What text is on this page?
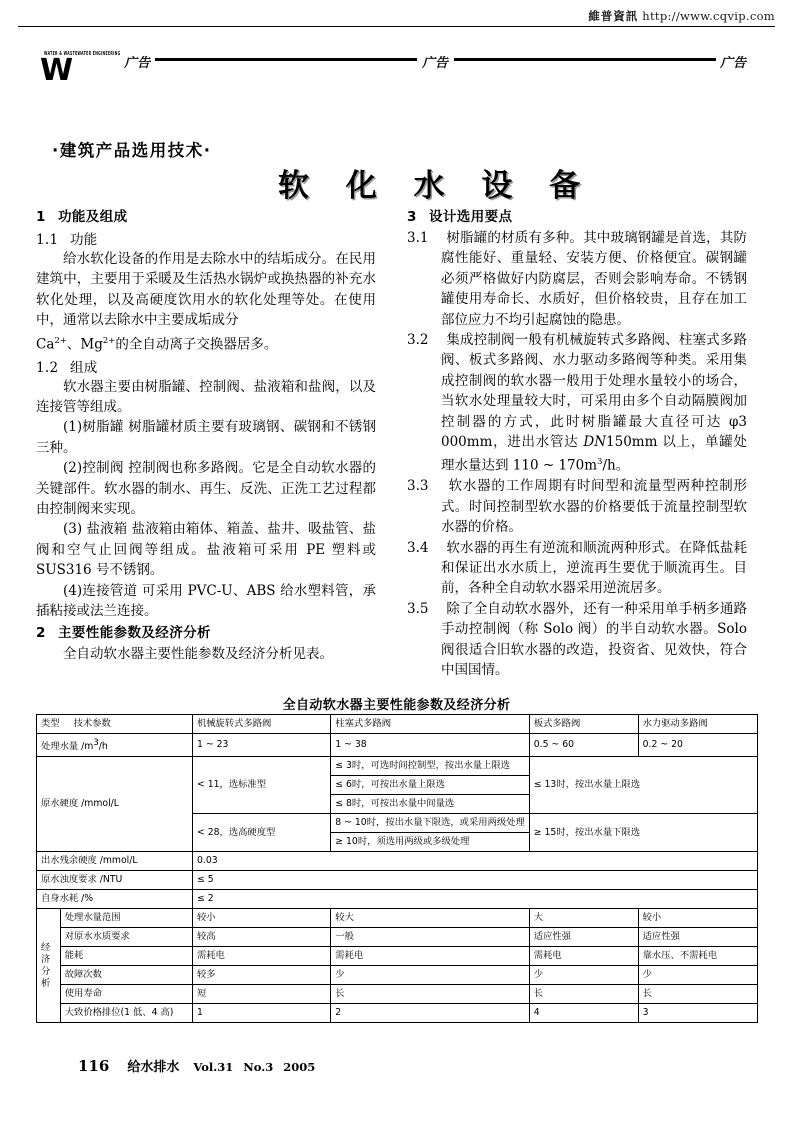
維普資訊 http://www.cqvip.com
WATER & WASTEWATER ENGINEERING
W	广告	广告	广告
·建筑产品选用技术·
软 化 水 设 备
1 功能及组成
1.1 功能

给水软化设备的作用是去除水中的结垢成分。在民用建筑中，主要用于采暖及生活热水锅炉或换热器的补充水软化处理，以及高硬度饮用水的软化处理等处。在使用中，通常以去除水中主要成垢成分

$Ca^{2+}$、$Mg^{2+}$的全自动离子交换器居多。

1.2 组成

软水器主要由树脂罐、控制阀、盐液箱和盐阀，以及连接管等组成。

(1)树脂罐 树脂罐材质主要有玻璃钢、碳钢和不锈钢三种。

(2)控制阀 控制阀也称多路阀。它是全自动软水器的关键部件。软水器的制水、再生、反洗、正洗工艺过程都由控制阀来实现。

(3) 盐液箱 盐液箱由箱体、箱盖、盐井、吸盐管、盐阀和空气止回阀等组成。盐液箱可采用 PE 塑料或 SUS316 号不锈钢。

(4)连接管道 可采用 PVC-U、ABS 给水塑料管，承插粘接或法兰连接。

2 主要性能参数及经济分析

全自动软水器主要性能参数及经济分析见表。

3 设计选用要点

3.1 树脂罐的材质有多种。其中玻璃钢罐是首选，其防腐性能好、重量轻、安装方便、价格便宜。碳钢罐必须严格做好内防腐层，否则会影响寿命。不锈钢罐使用寿命长、水质好，但价格较贵，且存在加工部位应力不均引起腐蚀的隐患。

3.2 集成控制阀一般有机械旋转式多路阀、柱塞式多路阀、板式多路阀、水力驱动多路阀等种类。采用集成控制阀的软水器一般用于处理水量较小的场合，当软水处理量较大时，可采用由多个自动隔膜阀加控制器的方式，此时树脂罐最大直径可达 φ3 000mm，进出水管达 DN150mm 以上，单罐处理水量达到 110 ~ $170m^3/h$。

3.3 软水器的工作周期有时间型和流量型两种控制形式。时间控制型软水器的价格要低于流量控制型软水器的价格。

3.4 软水器的再生有逆流和顺流两种形式。在降低盐耗和保证出水水质上，逆流再生要优于顺流再生。目前，各种全自动软水器采用逆流居多。

3.5 除了全自动软水器外，还有一种采用单手柄多通路手动控制阀（称 Solo 阀）的半自动软水器。Solo 阀很适合旧软水器的改造，投资省、见效快，符合中国国情。

全自动软水器主要性能参数及经济分析
类型 技术参数		机械旋转式多路阀	柱塞式多路阀	板式多路阀	水力驱动多路阀
处理水量 $/m^3/h$		1 ~ 23	1 ~ 38	0.5 ~ 60	0.2 ~ 20
原水硬度 /mmol/L		< 11，选标准型	≤ 3时，可选时间控制型，按出水量上限选	≤ 13时，按出水量上限选	
			≤ 6时，可按出水量上限选		
			≤ 8时，可按出水量中间量选		
		< 28，选高硬度型	8 ~ 10时，按出水量下限选，或采用两级处理	≥ 15时，按出水量下限选	
			≥ 10时，须选用两级或多级处理		
出水残余硬度 /mmol/L		0.03			
原水浊度要求 /NTU		≤ 5			
自身水耗 /%		≤ 2			

经
济
分
析	处理水量范围	较小	较大	大	较小
	对原水水质要求	较高	一般	适应性强	适应性强
	能耗	需耗电	需耗电	需耗电	靠水压、不需耗电
	故障次数	较多	少	少	少
	使用寿命	短	长	长	长
	大致价格排位(1 低、4 高)	1	2	4	3
116 给水排水 Vol.31 No.3 2005
